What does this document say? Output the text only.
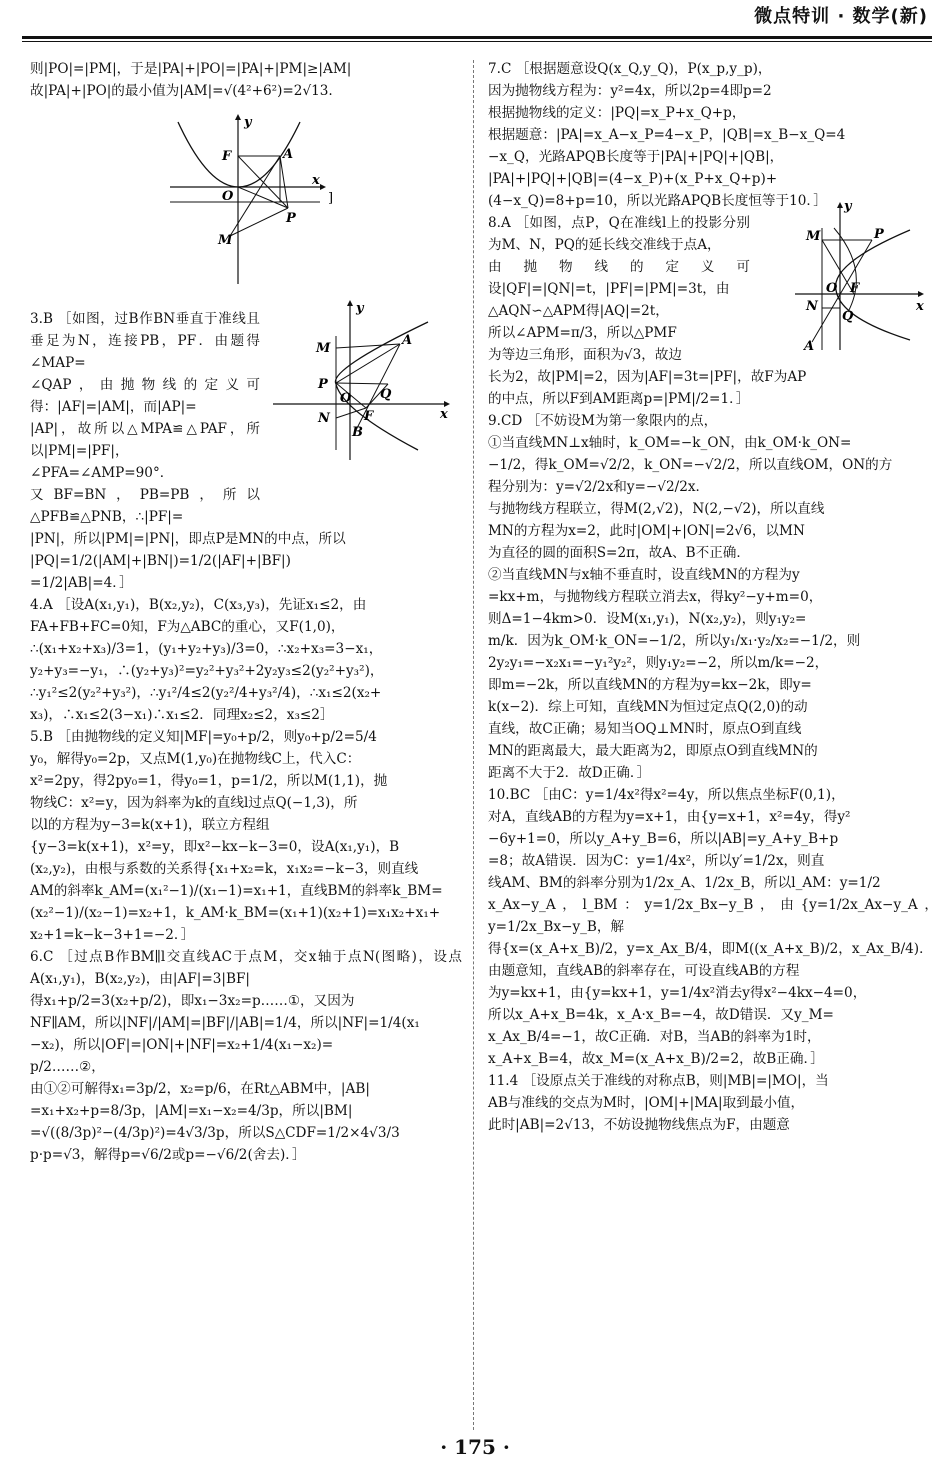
微点特训 · 数学(新)

则|PO|=|PM|，于是|PA|+|PO|=|PA|+|PM|≥|AM|

故|PA|+|PO|的最小值为|AM|=√(4²+6²)=2√13.

3.B ［如图，过B作BN垂直于准线且垂足为N，连接PB，PF．由题得∠MAP=

∠QAP，由抛物线的定义可得：|AF|=|AM|，而|AP|=

|AP|，故所以△MPA≌△PAF，所以|PM|=|PF|，

∠PFA=∠AMP=90°．

又BF=BN，PB=PB，所以△PFB≌△PNB，∴|PF|=

|PN|，所以|PM|=|PN|，即点P是MN的中点，所以

|PQ|=1/2(|AM|+|BN|)=1/2(|AF|+|BF|)

=1/2|AB|=4．］

4.A ［设A(x₁,y₁)，B(x₂,y₂)，C(x₃,y₃)，先证x₁≤2，由

FA+FB+FC=0知，F为△ABC的重心，又F(1,0)，

∴(x₁+x₂+x₃)/3=1，(y₁+y₂+y₃)/3=0，∴x₂+x₃=3−x₁，

y₂+y₃=−y₁，∴(y₂+y₃)²=y₂²+y₃²+2y₂y₃≤2(y₂²+y₃²)，

∴y₁²≤2(y₂²+y₃²)，∴y₁²/4≤2(y₂²/4+y₃²/4)，∴x₁≤2(x₂+

x₃)，∴x₁≤2(3−x₁)∴x₁≤2．同理x₂≤2，x₃≤2］

5.B ［由抛物线的定义知|MF|=y₀+p/2，则y₀+p/2=5/4

y₀，解得y₀=2p，又点M(1,y₀)在抛物线C上，代入C：

x²=2py，得2py₀=1，得y₀=1，p=1/2，所以M(1,1)，抛

物线C：x²=y，因为斜率为k的直线l过点Q(−1,3)，所

以l的方程为y−3=k(x+1)，联立方程组

{y−3=k(x+1)，x²=y，即x²−kx−k−3=0，设A(x₁,y₁)，B

(x₂,y₂)，由根与系数的关系得{x₁+x₂=k，x₁x₂=−k−3，则直线

AM的斜率k_AM=(x₁²−1)/(x₁−1)=x₁+1，直线BM的斜率k_BM=

(x₂²−1)/(x₂−1)=x₂+1，k_AM·k_BM=(x₁+1)(x₂+1)=x₁x₂+x₁+

x₂+1=k−k−3+1=−2．］

6.C ［过点B作BM∥l交直线AC于点M，交x轴于点N(图略)，设点A(x₁,y₁)，B(x₂,y₂)，由|AF|=3|BF|

得x₁+p/2=3(x₂+p/2)，即x₁−3x₂=p……①，又因为

NF∥AM，所以|NF|/|AM|=|BF|/|AB|=1/4，所以|NF|=1/4(x₁

−x₂)，所以|OF|=|ON|+|NF|=x₂+1/4(x₁−x₂)=

p/2……②，

由①②可解得x₁=3p/2，x₂=p/6，在Rt△ABM中，|AB|

=x₁+x₂+p=8/3p，|AM|=x₁−x₂=4/3p，所以|BM|

=√((8/3p)²−(4/3p)²)=4√3/3p，所以S△CDF=1/2×4√3/3

p·p=√3，解得p=√6/2或p=−√6/2(舍去)．］

y
x
F	A
O
P
M
]
y
x
M
A
P
Q
O
N	F
B

7.C ［根据题意设Q(x_Q,y_Q)，P(x_p,y_p)，

因为抛物线方程为：y²=4x，所以2p=4即p=2

根据抛物线的定义：|PQ|=x_P+x_Q+p，

根据题意：|PA|=x_A−x_P=4−x_P，|QB|=x_B−x_Q=4

−x_Q，光路APQB长度等于|PA|+|PQ|+|QB|，

|PA|+|PQ|+|QB|=(4−x_P)+(x_P+x_Q+p)+

(4−x_Q)=8+p=10，所以光路APQB长度恒等于10．］

8.A ［如图，点P，Q在准线l上的投影分别为M、N，PQ的延长线交准线于点A，

由抛物线的定义可设|QF|=|QN|=t，|PF|=|PM|=3t，由

△AQN∽△APM得|AQ|=2t，

所以∠APM=π/3，所以△PMF

为等边三角形，面积为√3，故边

长为2，故|PM|=2，因为|AF|=3t=|PF|，故F为AP

的中点，所以F到AM距离p=|PM|/2=1．］

9.CD ［不妨设M为第一象限内的点，

①当直线MN⊥x轴时，k_OM=−k_ON，由k_OM·k_ON=

−1/2，得k_OM=√2/2，k_ON=−√2/2，所以直线OM，ON的方

程分别为：y=√2/2x和y=−√2/2x．

与抛物线方程联立，得M(2,√2)，N(2,−√2)，所以直线

MN的方程为x=2，此时|OM|+|ON|=2√6，以MN

为直径的圆的面积S=2π，故A、B不正确．

②当直线MN与x轴不垂直时，设直线MN的方程为y

=kx+m，与抛物线方程联立消去x，得ky²−y+m=0，

则Δ=1−4km>0．设M(x₁,y₁)，N(x₂,y₂)，则y₁y₂=

m/k．因为k_OM·k_ON=−1/2，所以y₁/x₁·y₂/x₂=−1/2，则

2y₂y₁=−x₂x₁=−y₁²y₂²，则y₁y₂=−2，所以m/k=−2，

即m=−2k，所以直线MN的方程为y=kx−2k，即y=

k(x−2)．综上可知，直线MN为恒过定点Q(2,0)的动

直线，故C正确；易知当OQ⊥MN时，原点O到直线

MN的距离最大，最大距离为2，即原点O到直线MN的

距离不大于2．故D正确．］

10.BC ［由C：y=1/4x²得x²=4y，所以焦点坐标F(0,1)，

对A，直线AB的方程为y=x+1，由{y=x+1，x²=4y，得y²

−6y+1=0，所以y_A+y_B=6，所以|AB|=y_A+y_B+p

=8；故A错误．因为C：y=1/4x²，所以y′=1/2x，则直

线AM、BM的斜率分别为1/2x_A、1/2x_B，所以l_AM：y=1/2

x_Ax−y_A，l_BM：y=1/2x_Bx−y_B，由{y=1/2x_Ax−y_A，y=1/2x_Bx−y_B，解

得{x=(x_A+x_B)/2，y=x_Ax_B/4，即M((x_A+x_B)/2，x_Ax_B/4)．

由题意知，直线AB的斜率存在，可设直线AB的方程

为y=kx+1，由{y=kx+1，y=1/4x²消去y得x²−4kx−4=0，

所以x_A+x_B=4k，x_A·x_B=−4，故D错误．又y_M=

x_Ax_B/4=−1，故C正确．对B，当AB的斜率为1时，

x_A+x_B=4，故x_M=(x_A+x_B)/2=2，故B正确．］

11.4 ［设原点关于准线的对称点B，则|MB|=|MO|，当

AB与准线的交点为M时，|OM|+|MA|取到最小值，

此时|AB|=2√13，不妨设抛物线焦点为F，由题意

y
x
M	P
O F
N
Q
A
· 175 ·
